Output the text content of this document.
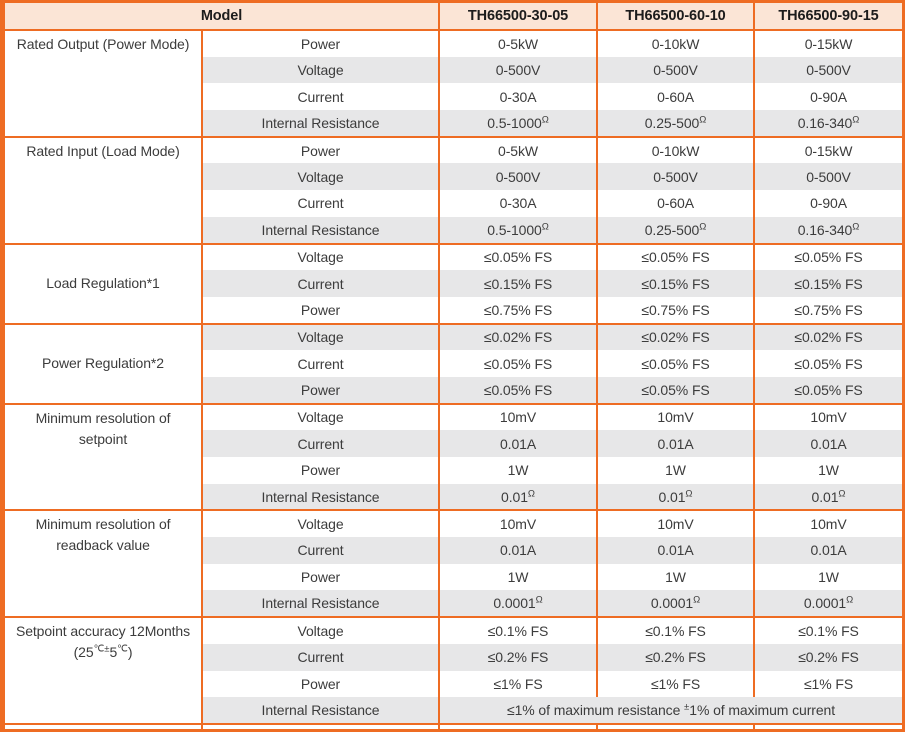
Model		TH66500-30-05	TH66500-60-10	TH66500-90-15

Rated Output (Power Mode)	Power	0-5kW	0-10kW	0-15kW
	Voltage	0-500V	0-500V	0-500V
	Current	0-30A	0-60A	0-90A
	Internal Resistance	$0.5-1000^\Omega$	$0.25-500^\Omega$	$0.16-340^\Omega$

Rated Input (Load Mode)	Power	0-5kW	0-10kW	0-15kW
	Voltage	0-500V	0-500V	0-500V
	Current	0-30A	0-60A	0-90A
	Internal Resistance	$0.5-1000^\Omega$	$0.25-500^\Omega$	$0.16-340^\Omega$

Load Regulation*1	Voltage	≤0.05% FS	≤0.05% FS	≤0.05% FS
	Current	≤0.15% FS	≤0.15% FS	≤0.15% FS
	Power	≤0.75% FS	≤0.75% FS	≤0.75% FS

Power Regulation*2	Voltage	≤0.02% FS	≤0.02% FS	≤0.02% FS
	Current	≤0.05% FS	≤0.05% FS	≤0.05% FS
	Power	≤0.05% FS	≤0.05% FS	≤0.05% FS

Minimum resolution of
setpoint	Voltage	10mV	10mV	10mV
	Current	0.01A	0.01A	0.01A
	Power	1W	1W	1W
	Internal Resistance	$0.01^\Omega$	$0.01^\Omega$	$0.01^\Omega$

Minimum resolution of
readback value	Voltage	10mV	10mV	10mV
	Current	0.01A	0.01A	0.01A
	Power	1W	1W	1W
	Internal Resistance	$0.0001^\Omega$	$0.0001^\Omega$	$0.0001^\Omega$

Setpoint accuracy 12Months
(25℃±5℃)	Voltage	≤0.1% FS	≤0.1% FS	≤0.1% FS
	Current	≤0.2% FS	≤0.2% FS	≤0.2% FS
	Power	≤1% FS	≤1% FS	≤1% FS
	Internal Resistance	≤1% of maximum resistance ±1% of maximum current		
